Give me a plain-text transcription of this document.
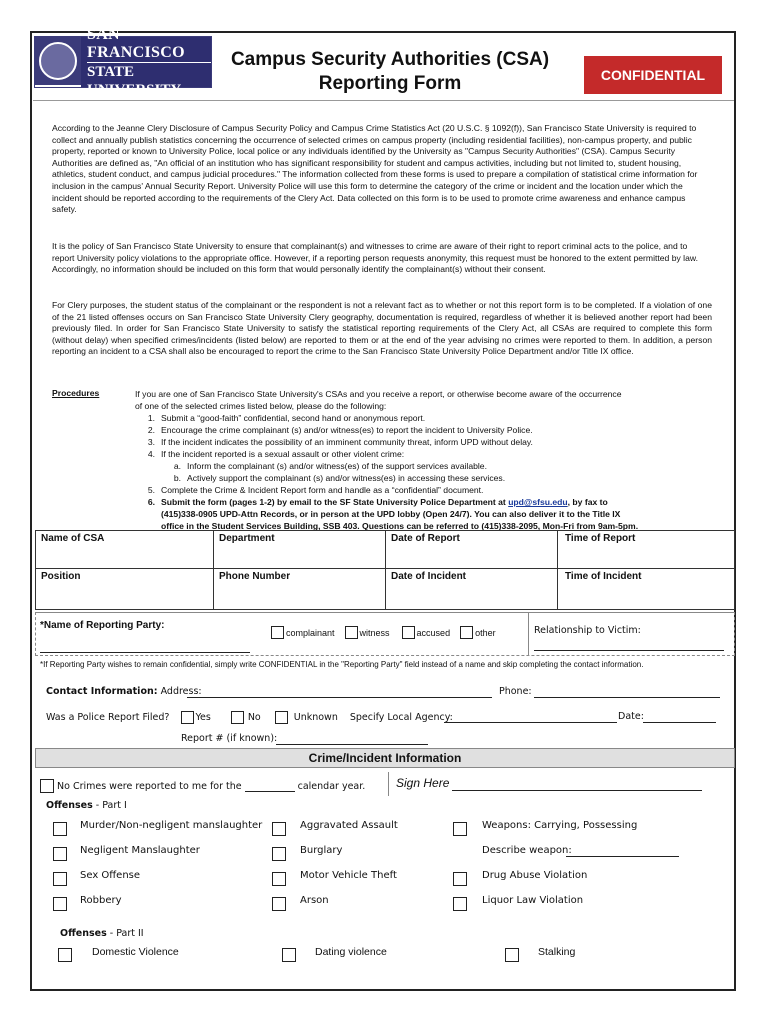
SAN FRANCISCO
STATE UNIVERSITY
Campus Security Authorities (CSA)
Reporting Form	CONFIDENTIAL

According to the Jeanne Clery Disclosure of Campus Security Policy and Campus Crime Statistics Act (20 U.S.C. § 1092(f)), San Francisco State University is required to collect and annually publish statistics concerning the occurrence of selected crimes on campus property (including residential facilities), non-campus property, and public property, reported or known to University Police, local police or any individuals identified by the University as "Campus Security Authorities" (CSA). Campus Security Authorities are defined as, "An official of an institution who has significant responsibility for student and campus activities, including but not limited to, student housing, athletics, student conduct, and campus judicial procedures." The information collected from these forms is used to prepare a compilation of statistical crime information for inclusion in the campus' Annual Security Report. University Police will use this form to determine the category of the crime or incident and the location under which the incident should be reported according to the requirements of the Clery Act. Data collected on this form is to be used to promote crime awareness and enhance campus safety.

It is the policy of San Francisco State University to ensure that complainant(s) and witnesses to crime are aware of their right to report criminal acts to the police, and to report University policy violations to the appropriate office. However, if a reporting person requests anonymity, this request must be honored to the extent permitted by law. Accordingly, no information should be included on this form that would personally identify the complainant(s) without their consent.

For Clery purposes, the student status of the complainant or the respondent is not a relevant fact as to whether or not this report form is to be completed. If a violation of one of the 21 listed offenses occurs on San Francisco State University Clery geography, documentation is required, regardless of whether it is believed another report had been previously filed. In order for San Francisco State University to satisfy the statistical reporting requirements of the Clery Act, all CSAs are required to complete this form (without delay) when specified crimes/incidents (listed below) are reported to them or at the end of the year advising no crimes were reported to them. In addition, a person reporting an incident to a CSA shall also be encouraged to report the crime to the San Francisco State University Police Department and/or Title IX office.

Procedures	If you are one of San Francisco State University's CSAs and you receive a report, or otherwise become aware of the occurrence
of one of the selected crimes listed below, please do the following:
1. Submit a “good-faith” confidential, second hand or anonymous report.
2. Encourage the crime complainant (s) and/or witness(es) to report the incident to University Police.
3. If the incident indicates the possibility of an imminent community threat, inform UPD without delay.
4. If the incident reported is a sexual assault or other violent crime:
a. Inform the complainant (s) and/or witness(es) of the support services available.
b. Actively support the complainant (s) and/or witness(es) in accessing these services.
5. Complete the Crime & Incident Report form and handle as a “confidential” document.
6. Submit the form (pages 1-2) by email to the SF State University Police Department at upd@sfsu.edu, by fax to
(415)338-0905 UPD-Attn Records, or in person at the UPD lobby (Open 24/7). You can also deliver it to the Title IX
office in the Student Services Building, SSB 403. Questions can be referred to (415)338-2095, Mon-Fri from 9am-5pm.
Name of CSA	Department	Date of Report	Time of Report
Position	Phone Number	Date of Incident	Time of Incident
*Name of Reporting Party:
complainant	witness	accused	other	Relationship to Victim:
*If Reporting Party wishes to remain confidential, simply write CONFIDENTIAL in the "Reporting Party" field instead of a name and skip completing the contact information.
Contact Information: Address:	Phone:
Was a Police Report Filed?	Yes	No	Unknown Specify Local Agency:	Date:
Report # (if known):
Crime/Incident Information
No Crimes were reported to me for the	calendar year.	Sign Here
Offenses - Part I
Murder/Non-negligent manslaughter	Aggravated Assault	Weapons: Carrying, Possessing
Negligent Manslaughter	Burglary	Describe weapon:
Sex Offense	Motor Vehicle Theft	Drug Abuse Violation
Robbery	Arson	Liquor Law Violation
Offenses - Part II
Domestic Violence	Dating violence	Stalking
